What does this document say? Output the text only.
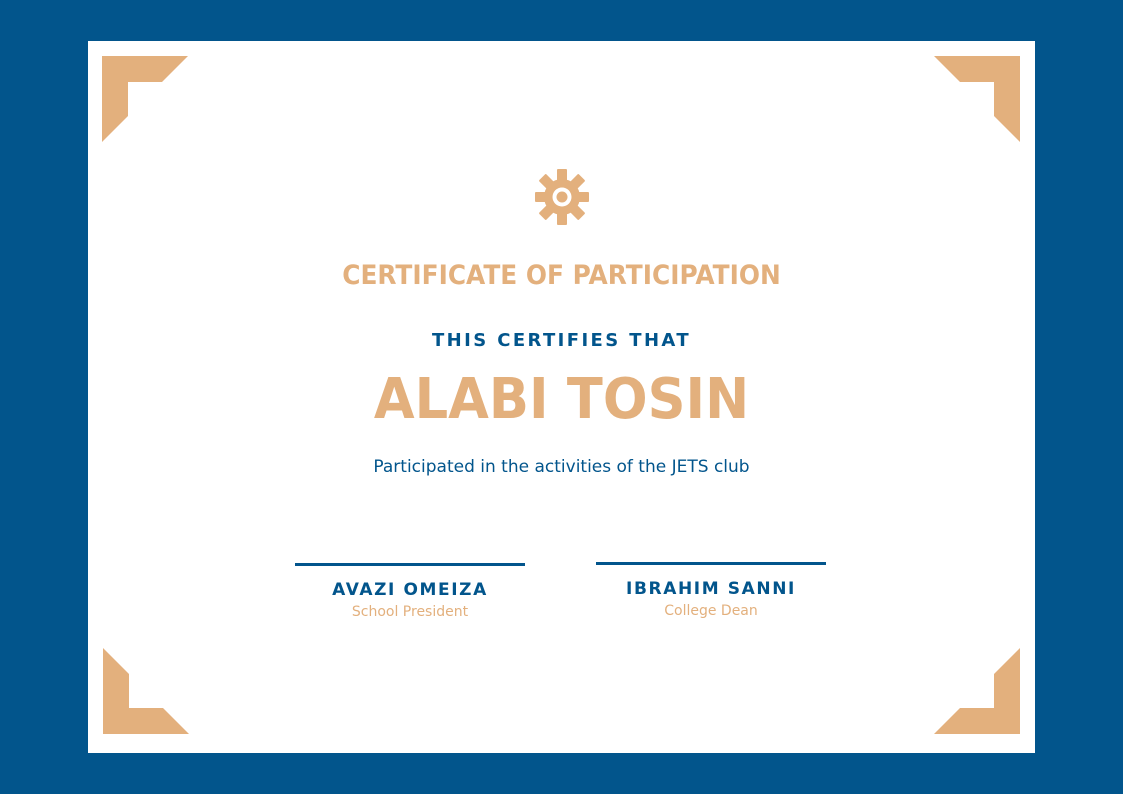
CERTIFICATE OF PARTICIPATION
THIS CERTIFIES THAT
ALABI TOSIN
Participated in the activities of the JETS club
AVAZI OMEIZA
School President
IBRAHIM SANNI
College Dean
